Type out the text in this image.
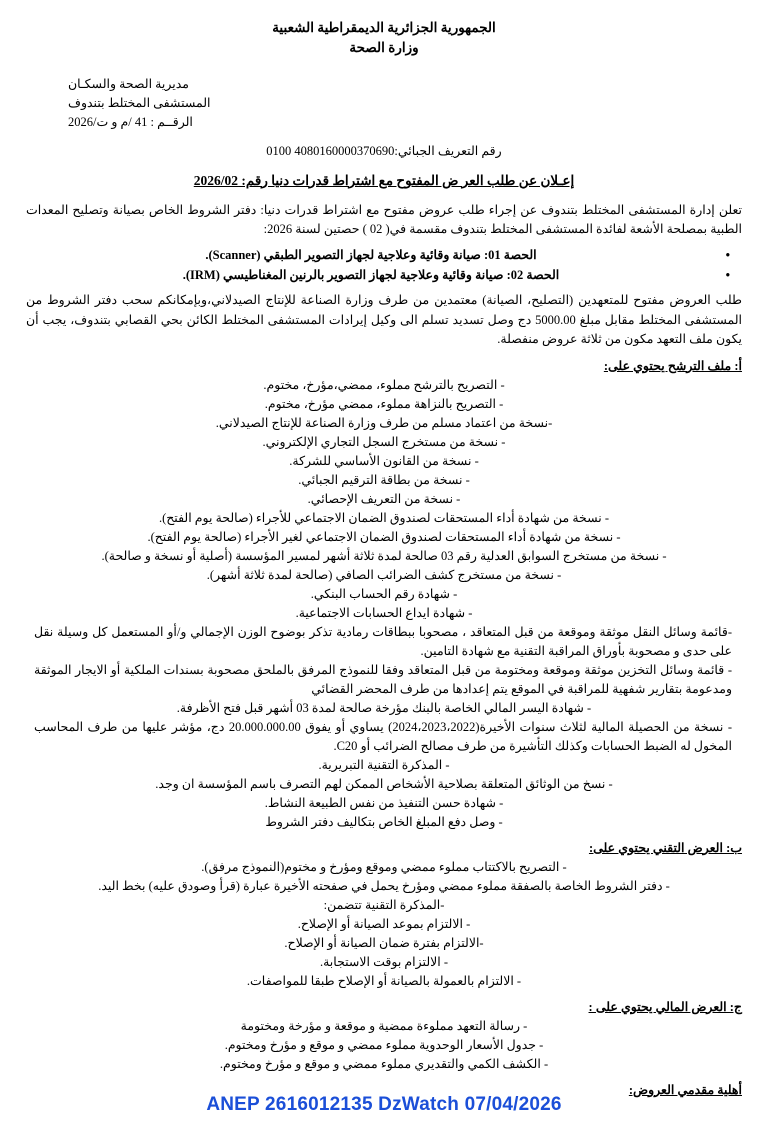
الجمهورية الجزائرية الديمقراطية الشعبية
وزارة الصحة
مديرية الصحة والسكـان
المستشفى المختلط بتندوف
الرقــم : 41 /م و ت/2026
رقم التعريف الجبائي:4080160000370690 0100
إعـلان عن طلب العر ض المفتوح مع اشتراط قدرات دنيا رقم: 2026/02
تعلن إدارة المستشفى المختلط بتندوف عن إجراء طلب عروض مفتوح مع اشتراط قدرات دنيا: دفتر الشروط الخاص بصيانة وتصليح المعدات الطبية بمصلحة الأشعة لفائدة المستشفى المختلط بتندوف مقسمة في( 02 ) حصتين لسنة 2026:
• الحصة 01: صيانة وقائية وعلاجية لجهاز التصوير الطبقي (Scanner).
• الحصة 02: صيانة وقائية وعلاجية لجهاز التصوير بالرنين المغناطيسي (IRM).
طلب العروض مفتوح للمتعهدين (التصليح، الصيانة) معتمدين من طرف وزارة الصناعة للإنتاج الصيدلاني،وبإمكانكم سحب دفتر الشروط من المستشفى المختلط مقابل مبلغ 5000.00 دج وصل تسديد تسلم الى وكيل إيرادات المستشفى المختلط الكائن بحي القصابي بتندوف، يجب أن يكون ملف التعهد مكون من ثلاثة عروض منفصلة.
أ: ملف الترشح يحتوي على:
- التصريح بالترشح مملوء، ممضي،مؤرخ، مختوم.
- التصريح بالنزاهة مملوء، ممضي مؤرخ، مختوم.
-نسخة من اعتماد مسلم من طرف وزارة الصناعة للإنتاج الصيدلاني.
- نسخة من مستخرج السجل التجاري الإلكتروني.
- نسخة من القانون الأساسي للشركة.
- نسخة من بطاقة الترقيم الجبائي.
- نسخة من التعريف الإحصائي.
- نسخة من شهادة أداء المستحقات لصندوق الضمان الاجتماعي للأجراء (صالحة يوم الفتح).
- نسخة من شهادة أداء المستحقات لصندوق الضمان الاجتماعي لغير الأجراء (صالحة يوم الفتح).
- نسخة من مستخرج السوابق العدلية رقم 03 صالحة لمدة ثلاثة أشهر لمسير المؤسسة (أصلية أو نسخة و صالحة).
- نسخة من مستخرج كشف الضرائب الصافي (صالحة لمدة ثلاثة أشهر).
- شهادة رقم الحساب البنكي.
- شهادة ايداع الحسابات الاجتماعية.
-قائمة وسائل النقل موثقة وموقعة من قبل المتعاقد ، مصحوبا ببطاقات رمادية تذكر بوضوح الوزن الإجمالي و/أو المستعمل كل وسيلة نقل على حدى و مصحوبة بأوراق المراقبة التقنية مع شهادة التامين.
- قائمة وسائل التخزين موثقة وموقعة ومختومة من قبل المتعاقد وفقا للنموذج المرفق بالملحق مصحوبة بسندات الملكية أو الايجار الموثقة ومدعومة بتقارير شفهية للمراقبة في الموقع يتم إعدادها من طرف المحضر القضائي
- شهادة اليسر المالي الخاصة بالبنك مؤرخة صالحة لمدة 03 أشهر قبل فتح الأظرفة.
- نسخة من الحصيلة المالية لثلاث سنوات الأخيرة(2024،2023،2022) يساوي أو يفوق 20.000.000.00 دج، مؤشر عليها من طرف المحاسب المخول له الضبط الحسابات وكذلك التأشيرة من طرف مصالح الضرائب أو C20.
- المذكرة التقنية التبريرية.
- نسخ من الوثائق المتعلقة بصلاحية الأشخاص الممكن لهم التصرف باسم المؤسسة ان وجد.
- شهادة حسن التنفيذ من نفس الطبيعة النشاط.
- وصل دفع المبلغ الخاص بتكاليف دفتر الشروط
ب: العرض التقني يحتوي على:
- التصريح بالاكتتاب مملوء ممضي وموقع ومؤرخ و مختوم(النموذج مرفق).
- دفتر الشروط الخاصة بالصفقة مملوء ممضي ومؤرخ يحمل في صفحته الأخيرة عبارة (قرأ وصودق عليه) بخط اليد.
-المذكرة التقنية تتضمن:
- الالتزام بموعد الصيانة أو الإصلاح.
-الالتزام بفترة ضمان الصيانة أو الإصلاح.
- الالتزام بوقت الاستجابة.
- الالتزام بالعمولة بالصيانة أو الإصلاح طبقا للمواصفات.
ج: العرض المالي يحتوي على :
- رسالة التعهد مملوءة ممضية و موقعة و مؤرخة ومختومة
- جدول الأسعار الوحدوية مملوء ممضي و موقع و مؤرخ ومختوم.
- الكشف الكمي والتقديري مملوء ممضي و موقع و مؤرخ ومختوم.
أهلية مقدمي العروض:
ANEP 2616012135 DzWatch 07/04/2026
